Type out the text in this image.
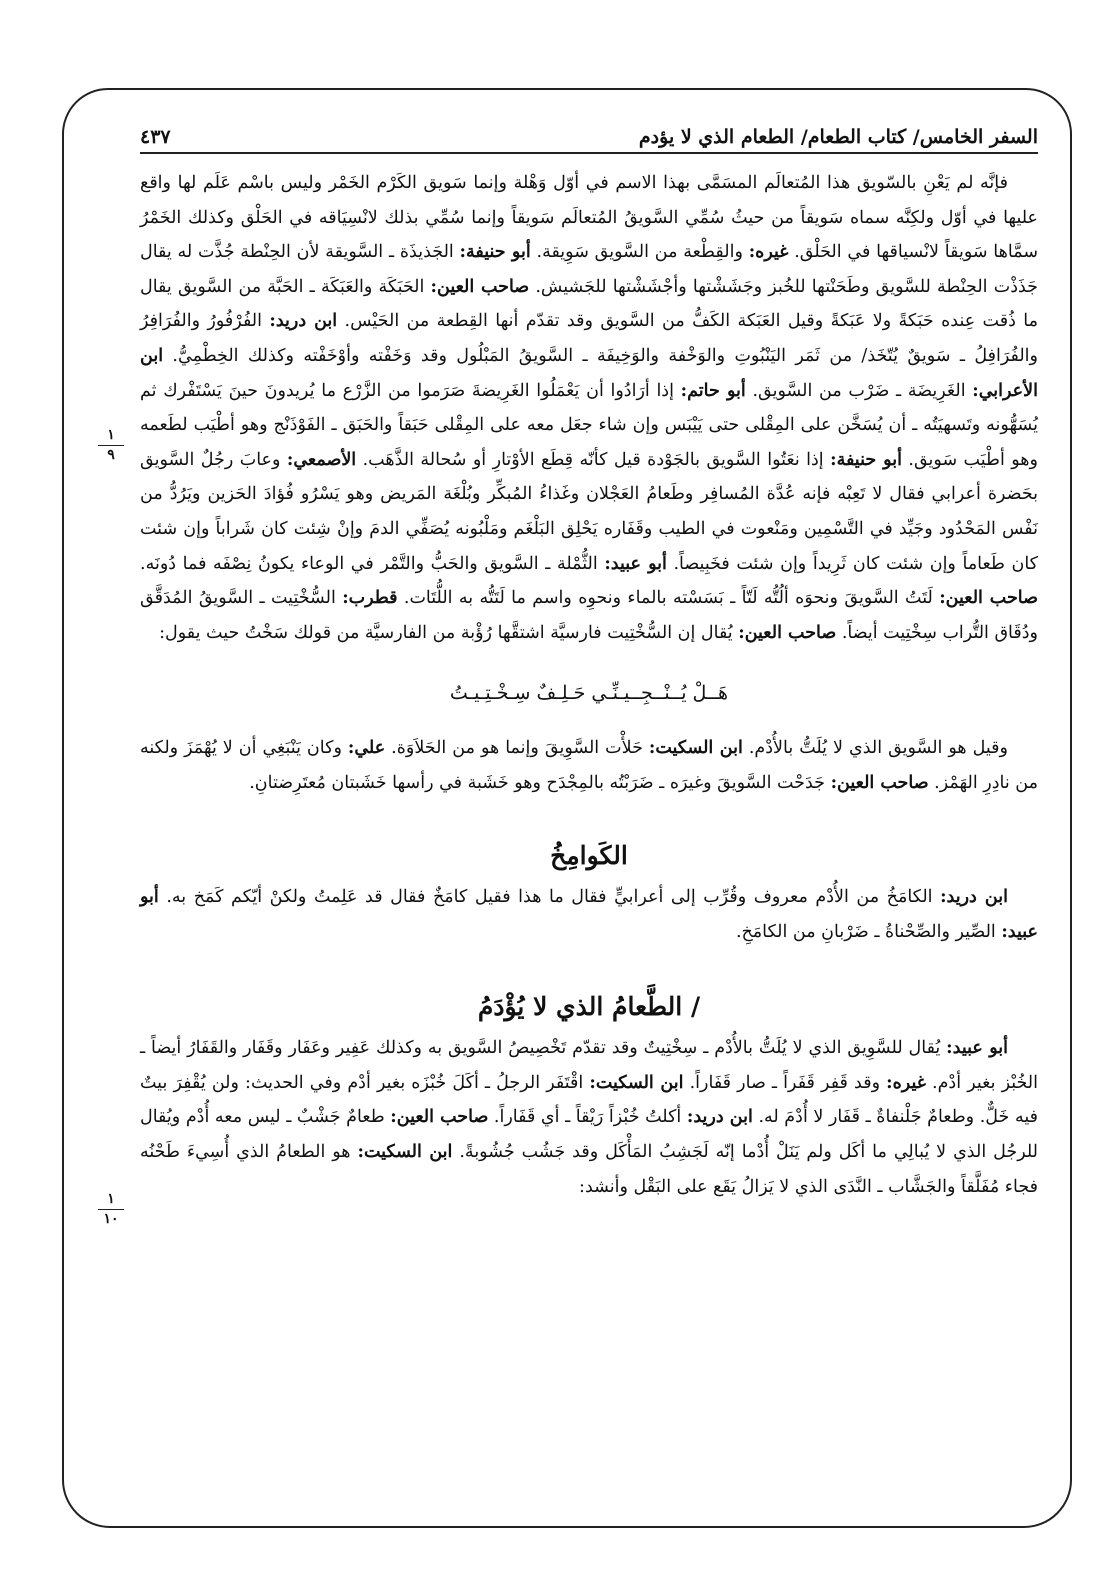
السفر الخامس/ كتاب الطعام/ الطعام الذي لا يؤدم
٤٣٧
١
٩
١
١٠

فإنَّه لم يَعْنِ بالسّويق هذا المُتعالَم المسَمَّى بهذا الاسم في أوّل وَهْلة وإنما سَويق الكَرْم الخَمْر وليس باسْم عَلَم لها واقع عليها في أوّل ولكِنَّه سماه سَويقاً من حيثُ سُمِّي السَّويقُ المُتعالَم سَويقاً وإنما سُمِّي بذلك لانْسِيَاقه في الحَلْق وكذلك الخَمْرُ سمَّاها سَويقاً لانْسياقها في الحَلْق. غيره: والقِطْعة من السَّويق سَوِيقة. أبو حنيفة: الجَذيذَة ـ السَّويقة لأن الحِنْطة جُذَّت له يقال جَذَذْت الحِنْطة للسَّويق وطَحَنْتها للخُبز وجَشَشْتها وأجْشَشْتها للجَشيش. صاحب العين: الحَبَكَة والعَبَكَة ـ الحَبَّة من السَّويق يقال ما ذُقت عِنده حَبَكةً ولا عَبَكةً وقيل العَبَكة الكَفُّ من السَّويق وقد تقدّم أنها القِطعة من الحَيْس. ابن دريد: الفُرْفُورُ والفُرَافِرُ والفُرَافِلُ ـ سَويقٌ يُتّخَذ/ من ثَمَر اليَنْبُوتِ والوَخْفة والوَخِيفَة ـ السَّويقُ المَبْلُول وقد وَخَفْته وأوْخَفْته وكذلك الخِطْمِيُّ. ابن الأعرابي: الغَرِيضَة ـ ضَرْب من السَّويق. أبو حاتم: إذا أرَادُوا أن يَعْمَلُوا الغَرِيضةَ صَرَموا من الزَّرْع ما يُريدونَ حينَ يَسْتَفْرك ثم يُسَهُّونه وتَسهيَتُه ـ أن يُسَخَّن على المِقْلى حتى يَيْبَس وإن شاء جعَل معه على المِقْلى حَبَقاً والحَبَق ـ الفَوْذَنْج وهو أطْيَب لطَعمه وهو أطْيَب سَويق. أبو حنيفة: إذا نعَتُوا السَّويق بالجَوْدة قيل كأنّه قِطَع الأوْتارِ أو سُحالة الذَّهَب. الأصمعي: وعابَ رجُلٌ السَّويق بحَضرة أعرابي فقال لا تَعِبْه فإنه عُدَّة المُسافِر وطَعامُ العَجْلان وغَذاءُ المُبكِّر وبُلْغَة المَريض وهو يَسْرُو فُؤادَ الحَزين ويَرُدُّ من نَفْس المَحْدُود وجَيِّد في التَّسْمِين ومَنْعوت في الطيب وقَفَاره يَحْلِق البَلْغَم ومَلْبُونه يُصَفِّي الدمَ وإنْ شِئت كان شَراباً وإن شئت كان طَعاماً وإن شئت كان ثَرِيداً وإن شئت فخَبِيصاً. أبو عبيد: الثُّمْلة ـ السَّويق والحَبُّ والتَّمْر في الوعاء يكونُ نِصْفَه فما دُونَه. صاحب العين: لَتَتُ السَّويقَ ونحوَه ألُتُّه لَتّاً ـ بَسَسْته بالماء ونحوِه واسم ما لَتَتُّه به اللُّتَات. قطرب: السُّخْتِيت ـ السَّويقُ المُدَقَّق ودُقَاق التُّراب سِخْتِيت أيضاً. صاحب العين: يُقال إن السُّخْتِيت فارسيَّة اشتقَّها رُؤْبة من الفارسيَّة من قولك سَخْتُ حيث يقول:

هَــلْ يُــنْــجِــيـنِّـي حَـلِـفٌ سِـخْـتِـيـتُ

وقيل هو السَّويق الذي لا يُلَتُّ بالأُدْم. ابن السكيت: حَلأْت السَّوِيقَ وإنما هو من الحَلاَوَة. علي: وكان يَنْبَغِي أن لا يُهْمَزَ ولكنه من نادِرِ الهَمْز. صاحب العين: جَدَحْت السَّويقَ وغيرَه ـ ضَرَبْتُه بالمِجْدَح وهو خَشَبة في رأسها خَشَبتان مُعتَرِضتانِ.

الكَوامِخُ

ابن دريد: الكامَخُ من الأُدْم معروف وقُرِّب إلى أعرابيٍّ فقال ما هذا فقيل كامَخٌ فقال قد عَلِمتُ ولكنْ أيّكم كَمَخ به. أبو عبيد: الصِّير والصِّحْناةُ ـ ضَرْبانِ من الكامَخِ.

/ الطَّعامُ الذي لا يُؤْدَمُ

أبو عبيد: يُقال للسَّوِيق الذي لا يُلَتُّ بالأُدْم ـ سِخْتِيتٌ وقد تقدّم تَخْصِيصُ السَّويق به وكذلك عَفِير وعَفَار وقَفَار والقَفَارُ أيضاً ـ الخُبْز بغير أدْم. غيره: وقد قَفِر قَفَراً ـ صار قَفَاراً. ابن السكيت: اقْتَفَر الرجلُ ـ أكَلَ خُبْزَه بغير أدْم وفي الحديث: ولن يُقْفِرَ بيتٌ فيه خَلٌّ. وطعامٌ جَلْنفاةٌ ـ قَفَار لا أُدْمَ له. ابن دريد: أكلتُ خُبْزاً رَيْقاً ـ أي قَفَاراً. صاحب العين: طعامٌ جَشْبٌ ـ ليس معه أُدْم ويُقال للرجُل الذي لا يُبالِي ما أكَل ولم يَنَلْ أُدْما إنّه لَجَشِبُ المَأْكَل وقد جَشُب جُشُوبةً. ابن السكيت: هو الطعامُ الذي أُسِيءَ طَحْنُه فجاء مُفَلَّقاً والجَشَّاب ـ النَّدَى الذي لا يَزالُ يَقَع على البَقْل وأنشد:
